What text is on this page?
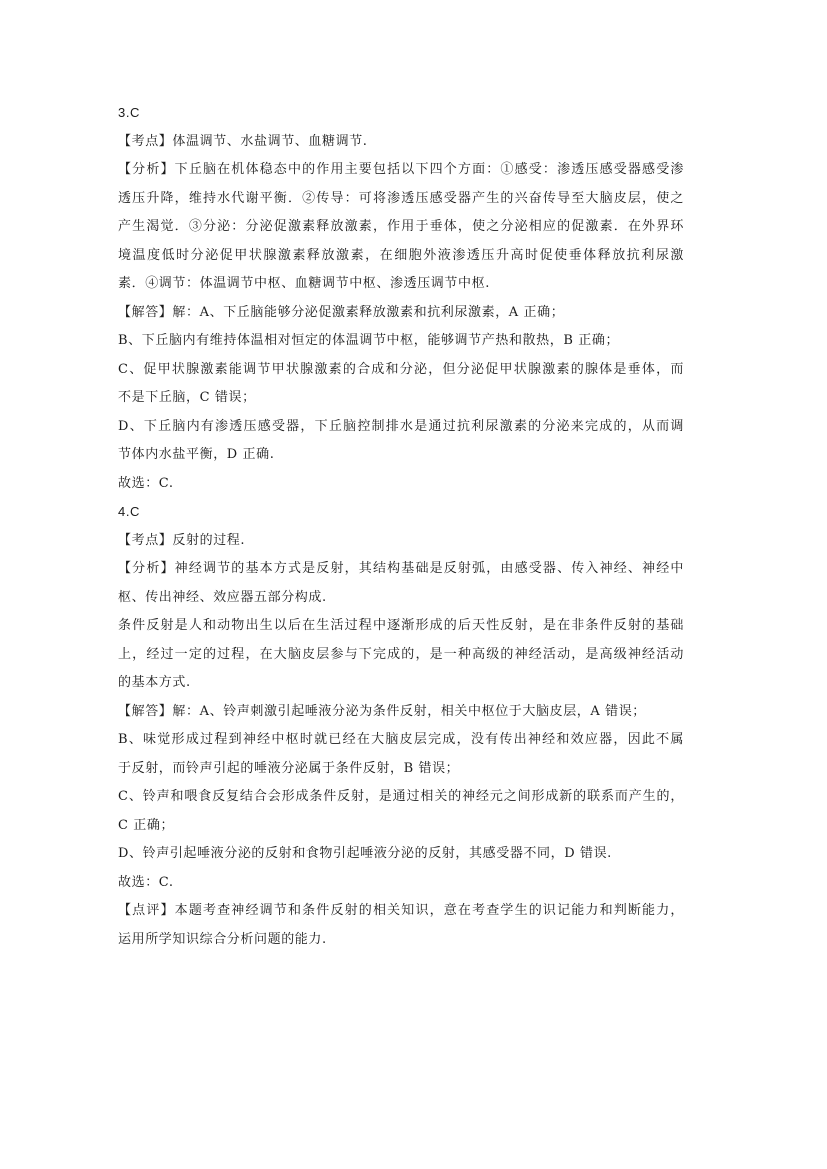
3.C
【考点】体温调节、水盐调节、血糖调节.
【分析】下丘脑在机体稳态中的作用主要包括以下四个方面：①感受：渗透压感受器感受渗
透压升降，维持水代谢平衡．②传导：可将渗透压感受器产生的兴奋传导至大脑皮层，使之
产生渴觉．③分泌：分泌促激素释放激素，作用于垂体，使之分泌相应的促激素．在外界环
境温度低时分泌促甲状腺激素释放激素，在细胞外液渗透压升高时促使垂体释放抗利尿激
素．④调节：体温调节中枢、血糖调节中枢、渗透压调节中枢.
【解答】解：A、下丘脑能够分泌促激素释放激素和抗利尿激素，A 正确；
B、下丘脑内有维持体温相对恒定的体温调节中枢，能够调节产热和散热，B 正确；
C、促甲状腺激素能调节甲状腺激素的合成和分泌，但分泌促甲状腺激素的腺体是垂体，而
不是下丘脑，C 错误；
D、下丘脑内有渗透压感受器，下丘脑控制排水是通过抗利尿激素的分泌来完成的，从而调
节体内水盐平衡，D 正确.
故选：C.
4.C
【考点】反射的过程.
【分析】神经调节的基本方式是反射，其结构基础是反射弧，由感受器、传入神经、神经中
枢、传出神经、效应器五部分构成.
条件反射是人和动物出生以后在生活过程中逐渐形成的后天性反射，是在非条件反射的基础
上，经过一定的过程，在大脑皮层参与下完成的，是一种高级的神经活动，是高级神经活动
的基本方式.
【解答】解：A、铃声刺激引起唾液分泌为条件反射，相关中枢位于大脑皮层，A 错误；
B、味觉形成过程到神经中枢时就已经在大脑皮层完成，没有传出神经和效应器，因此不属
于反射，而铃声引起的唾液分泌属于条件反射，B 错误；
C、铃声和喂食反复结合会形成条件反射，是通过相关的神经元之间形成新的联系而产生的，
C 正确；
D、铃声引起唾液分泌的反射和食物引起唾液分泌的反射，其感受器不同，D 错误.
故选：C.
【点评】本题考查神经调节和条件反射的相关知识，意在考查学生的识记能力和判断能力，
运用所学知识综合分析问题的能力.
